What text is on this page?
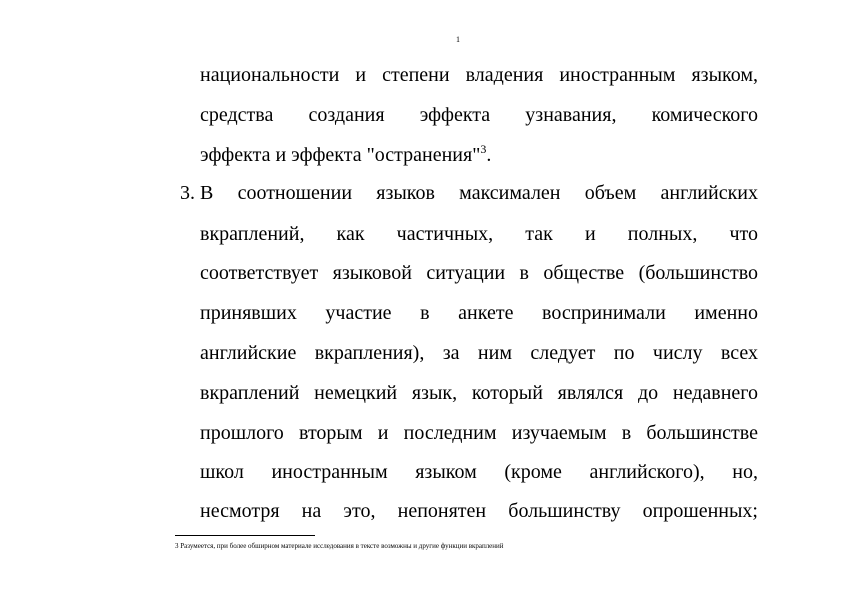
1
национальности и степени владения иностранным языком,
средства создания эффекта узнавания, комического
эффекта и эффекта "остранения"$^3$.
3. В соотношении языков максимален объем английских
вкраплений, как частичных, так и полных, что
соответствует языковой ситуации в обществе (большинство
принявших участие в анкете воспринимали именно
английские вкрапления), за ним следует по числу всех
вкраплений немецкий язык, который являлся до недавнего
прошлого вторым и последним изучаемым в большинстве
школ иностранным языком (кроме английского), но,
несмотря на это, непонятен большинству опрошенных;
3 Разумеется, при более обширном материале исследования в тексте возможны и другие функции вкраплений
